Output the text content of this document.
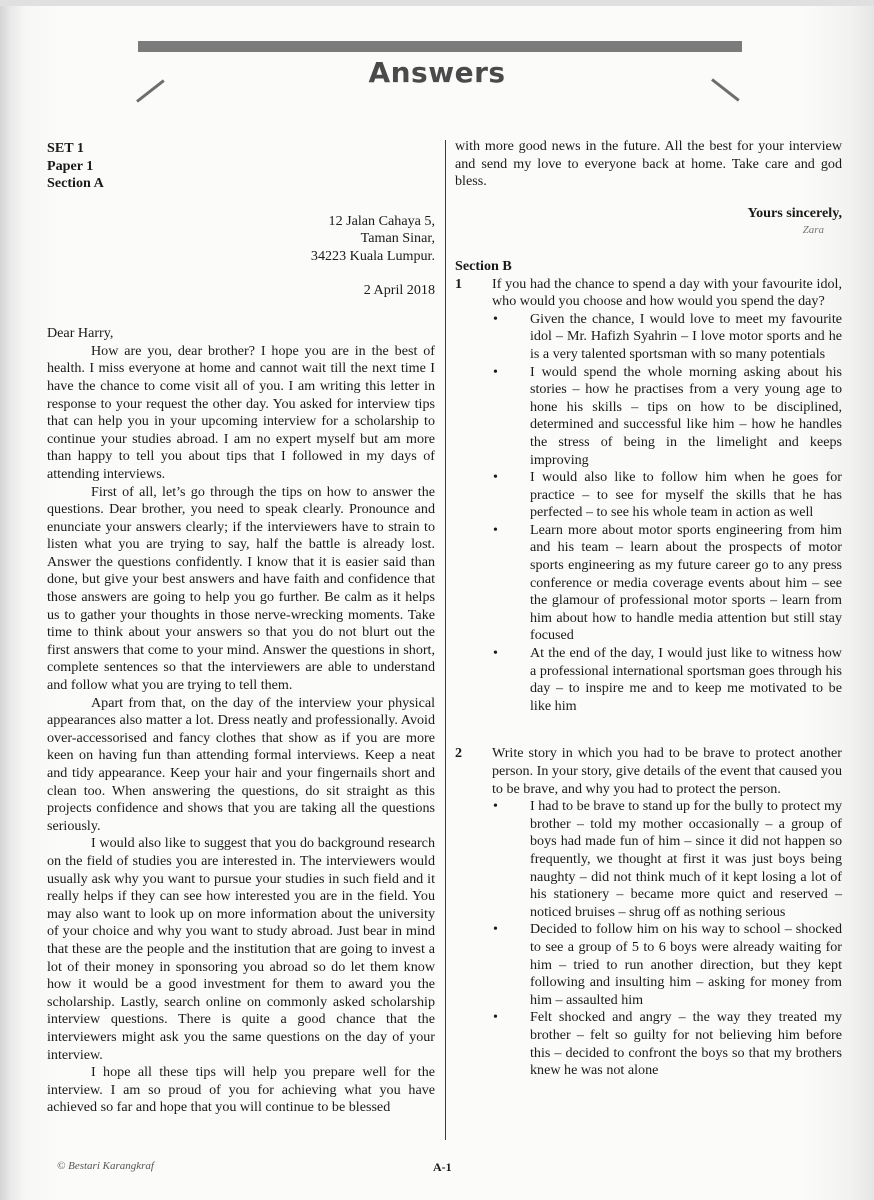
Answers
SET 1
Paper 1
Section A
12 Jalan Cahaya 5,
Taman Sinar,
34223 Kuala Lumpur.
2 April 2018
Dear Harry,

How are you, dear brother? I hope you are in the best of health. I miss everyone at home and cannot wait till the next time I have the chance to come visit all of you. I am writing this letter in response to your request the other day. You asked for interview tips that can help you in your upcoming interview for a scholarship to continue your studies abroad. I am no expert myself but am more than happy to tell you about tips that I followed in my days of attending interviews.

First of all, let’s go through the tips on how to answer the questions. Dear brother, you need to speak clearly. Pronounce and enunciate your answers clearly; if the interviewers have to strain to listen what you are trying to say, half the battle is already lost. Answer the questions confidently. I know that it is easier said than done, but give your best answers and have faith and confidence that those answers are going to help you go further. Be calm as it helps us to gather your thoughts in those nerve-wrecking moments. Take time to think about your answers so that you do not blurt out the first answers that come to your mind. Answer the questions in short, complete sentences so that the interviewers are able to understand and follow what you are trying to tell them.

Apart from that, on the day of the interview your physical appearances also matter a lot. Dress neatly and professionally. Avoid over-accessorised and fancy clothes that show as if you are more keen on having fun than attending formal interviews. Keep a neat and tidy appearance. Keep your hair and your fingernails short and clean too. When answering the questions, do sit straight as this projects confidence and shows that you are taking all the questions seriously.

I would also like to suggest that you do background research on the field of studies you are interested in. The interviewers would usually ask why you want to pursue your studies in such field and it really helps if they can see how interested you are in the field. You may also want to look up on more information about the university of your choice and why you want to study abroad. Just bear in mind that these are the people and the institution that are going to invest a lot of their money in sponsoring you abroad so do let them know how it would be a good investment for them to award you the scholarship. Lastly, search online on commonly asked scholarship interview questions. There is quite a good chance that the interviewers might ask you the same questions on the day of your interview.

I hope all these tips will help you prepare well for the interview. I am so proud of you for achieving what you have achieved so far and hope that you will continue to be blessed

with more good news in the future. All the best for your interview and send my love to everyone back at home. Take care and god bless.

Yours sincerely,
Zara
Section B
1	If you had the chance to spend a day with your favourite idol, who would you choose and how would you spend the day?
• Given the chance, I would love to meet my favourite idol – Mr. Hafizh Syahrin – I love motor sports and he is a very talented sportsman with so many potentials
• I would spend the whole morning asking about his stories – how he practises from a very young age to hone his skills – tips on how to be disciplined, determined and successful like him – how he handles the stress of being in the limelight and keeps improving
• I would also like to follow him when he goes for practice – to see for myself the skills that he has perfected – to see his whole team in action as well
• Learn more about motor sports engineering from him and his team – learn about the prospects of motor sports engineering as my future career go to any press conference or media coverage events about him – see the glamour of professional motor sports – learn from him about how to handle media attention but still stay focused
• At the end of the day, I would just like to witness how a professional international sportsman goes through his day – to inspire me and to keep me motivated to be like him
2	Write story in which you had to be brave to protect another person. In your story, give details of the event that caused you to be brave, and why you had to protect the person.
• I had to be brave to stand up for the bully to protect my brother – told my mother occasionally – a group of boys had made fun of him – since it did not happen so frequently, we thought at first it was just boys being naughty – did not think much of it kept losing a lot of his stationery – became more quict and reserved – noticed bruises – shrug off as nothing serious
• Decided to follow him on his way to school – shocked to see a group of 5 to 6 boys were already waiting for him – tried to run another direction, but they kept following and insulting him – asking for money from him – assaulted him
• Felt shocked and angry – the way they treated my brother – felt so guilty for not believing him before this – decided to confront the boys so that my brothers knew he was not alone
© Bestari Karangkraf	A-1
